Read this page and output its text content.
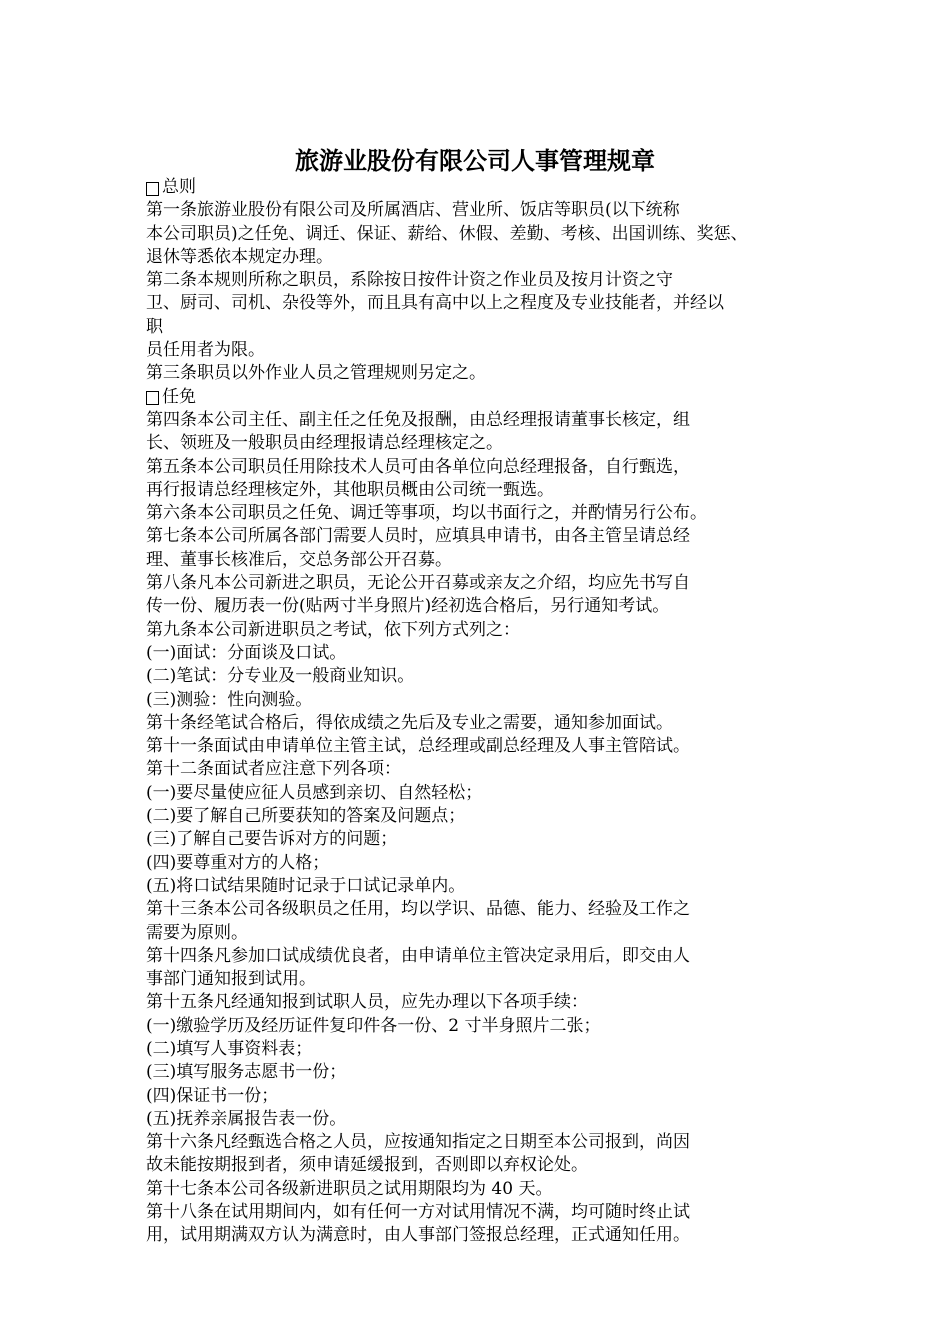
旅游业股份有限公司人事管理规章
总则
第一条旅游业股份有限公司及所属酒店、营业所、饭店等职员(以下统称
本公司职员)之任免、调迁、保证、薪给、休假、差勤、考核、出国训练、奖惩、
退休等悉依本规定办理。
第二条本规则所称之职员，系除按日按件计资之作业员及按月计资之守
卫、厨司、司机、杂役等外，而且具有高中以上之程度及专业技能者，并经以
职
员任用者为限。
第三条职员以外作业人员之管理规则另定之。
任免
第四条本公司主任、副主任之任免及报酬，由总经理报请董事长核定，组
长、领班及一般职员由经理报请总经理核定之。
第五条本公司职员任用除技术人员可由各单位向总经理报备，自行甄选，
再行报请总经理核定外，其他职员概由公司统一甄选。
第六条本公司职员之任免、调迁等事项，均以书面行之，并酌情另行公布。
第七条本公司所属各部门需要人员时，应填具申请书，由各主管呈请总经
理、董事长核准后，交总务部公开召募。
第八条凡本公司新进之职员，无论公开召募或亲友之介绍，均应先书写自
传一份、履历表一份(贴两寸半身照片)经初选合格后，另行通知考试。
第九条本公司新进职员之考试，依下列方式列之：
(一)面试：分面谈及口试。
(二)笔试：分专业及一般商业知识。
(三)测验：性向测验。
第十条经笔试合格后，得依成绩之先后及专业之需要，通知参加面试。
第十一条面试由申请单位主管主试，总经理或副总经理及人事主管陪试。
第十二条面试者应注意下列各项：
(一)要尽量使应征人员感到亲切、自然轻松；
(二)要了解自己所要获知的答案及问题点；
(三)了解自己要告诉对方的问题；
(四)要尊重对方的人格；
(五)将口试结果随时记录于口试记录单内。
第十三条本公司各级职员之任用，均以学识、品德、能力、经验及工作之
需要为原则。
第十四条凡参加口试成绩优良者，由申请单位主管决定录用后，即交由人
事部门通知报到试用。
第十五条凡经通知报到试职人员，应先办理以下各项手续：
(一)缴验学历及经历证件复印件各一份、2 寸半身照片二张；
(二)填写人事资料表；
(三)填写服务志愿书一份；
(四)保证书一份；
(五)抚养亲属报告表一份。
第十六条凡经甄选合格之人员，应按通知指定之日期至本公司报到，尚因
故未能按期报到者，须申请延缓报到，否则即以弃权论处。
第十七条本公司各级新进职员之试用期限均为 40 天。
第十八条在试用期间内，如有任何一方对试用情况不满，均可随时终止试
用，试用期满双方认为满意时，由人事部门签报总经理，正式通知任用。
